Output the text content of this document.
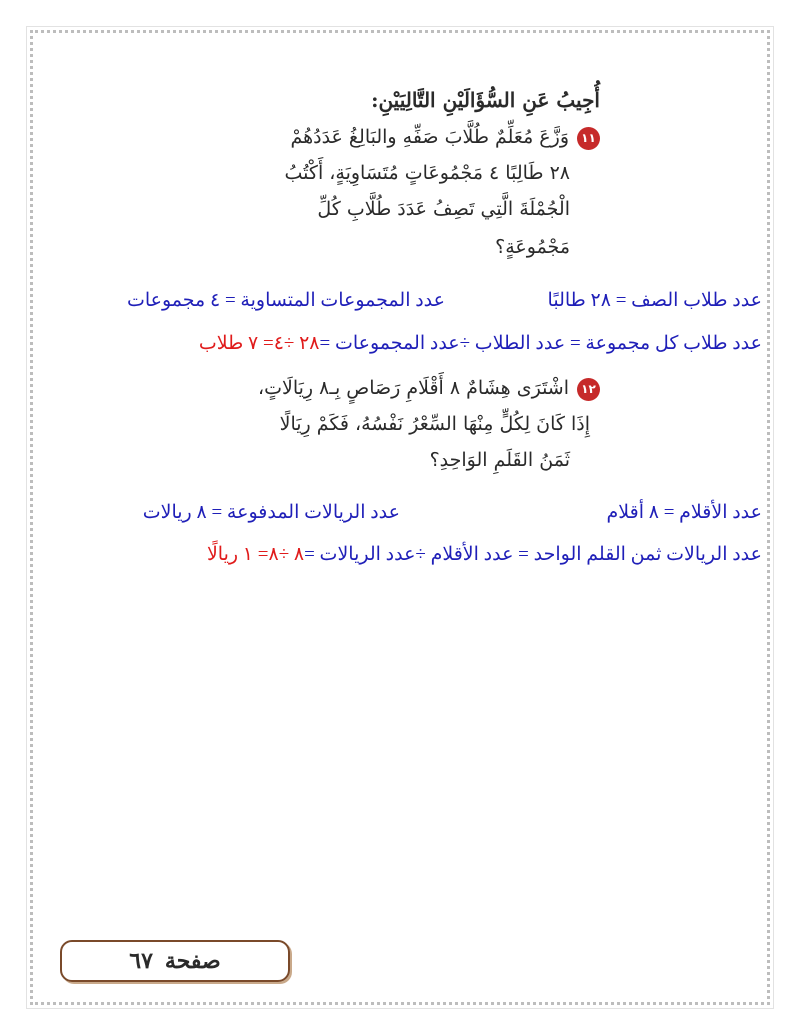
أُجِيبُ عَنِ السُّؤَالَيْنِ التَّالِيَيْنِ:

١١وَزَّعَ مُعَلِّمٌ طُلَّابَ صَفِّهِ والبَالِغُ عَدَدُهُمْ

٢٨ طَالِبًا ٤ مَجْمُوعَاتٍ مُتَسَاوِيَةٍ، أَكْتُبُ

الْجُمْلَةَ الَّتِي تَصِفُ عَدَدَ طُلَّابِ كُلِّ

مَجْمُوعَةٍ؟

عدد طلاب الصف = ٢٨ طالبًا

عدد المجموعات المتساوية = ٤ مجموعات

عدد طلاب كل مجموعة = عدد الطلاب ÷عدد المجموعات =٢٨ ÷٤= ٧ طلاب

١٢اشْتَرَى هِشَامٌ ٨ أَقْلَامِ رَصَاصٍ بِـ٨ رِيَالَاتٍ،

إِذَا كَانَ لِكُلٍّ مِنْهَا السِّعْرُ نَفْسُهُ، فَكَمْ رِيَالًا

ثَمَنُ القَلَمِ الوَاحِدِ؟

عدد الأقلام = ٨ أقلام

عدد الريالات المدفوعة = ٨ ريالات

عدد الريالات ثمن القلم الواحد = عدد الأقلام ÷عدد الريالات =٨ ÷٨= ١ ريالًا

صفحة
٦٧
